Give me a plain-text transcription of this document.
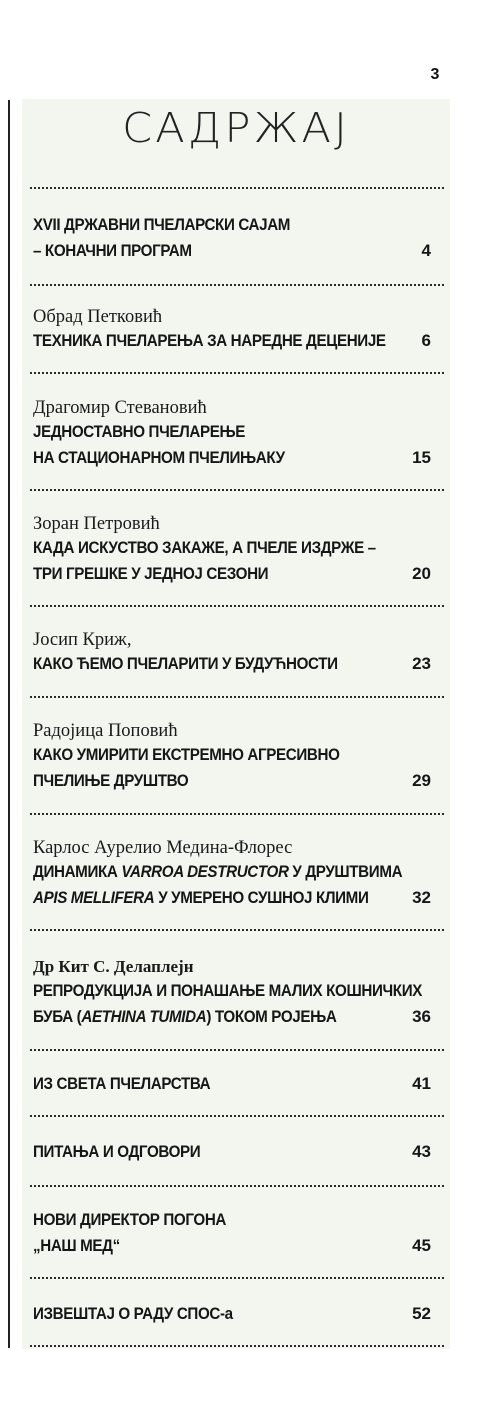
3
САДРЖАЈ
XVII ДРЖАВНИ ПЧЕЛАРСКИ САЈАМ
– КОНАЧНИ ПРОГРАМ	4
Обрад Петковић
ТЕХНИКА ПЧЕЛАРЕЊА ЗА НАРЕДНЕ ДЕЦЕНИЈЕ	6
Драгомир Стевановић
ЈЕДНОСТАВНО ПЧЕЛАРЕЊЕ
НА СТАЦИОНАРНОМ ПЧЕЛИЊАКУ	15
Зоран Петровић
КАДА ИСКУСТВО ЗАКАЖЕ, А ПЧЕЛЕ ИЗДРЖЕ –
ТРИ ГРЕШКЕ У ЈЕДНОЈ СЕЗОНИ	20
Јосип Криж,
КАКО ЋЕМО ПЧЕЛАРИТИ У БУДУЋНОСТИ	23
Радојица Поповић
КАКО УМИРИТИ ЕКСТРЕМНО АГРЕСИВНО
ПЧЕЛИЊЕ ДРУШТВО	29
Карлос Аурелио Медина-Флорес
ДИНАМИКА VARROA DESTRUCTOR У ДРУШТВИМА
APIS MELLIFERA У УМЕРЕНО СУШНОЈ КЛИМИ	32
Др Кит С. Делаплејн
РЕПРОДУКЦИЈА И ПОНАШАЊЕ МАЛИХ КОШНИЧКИХ
БУБА (AETHINA TUMIDA) ТОКОМ РОЈЕЊА	36
ИЗ СВЕТА ПЧЕЛАРСТВА	41
ПИТАЊА И ОДГОВОРИ	43
НОВИ ДИРЕКТОР ПОГОНА
„НАШ МЕД“	45
ИЗВЕШТАЈ О РАДУ СПОС-а	52
